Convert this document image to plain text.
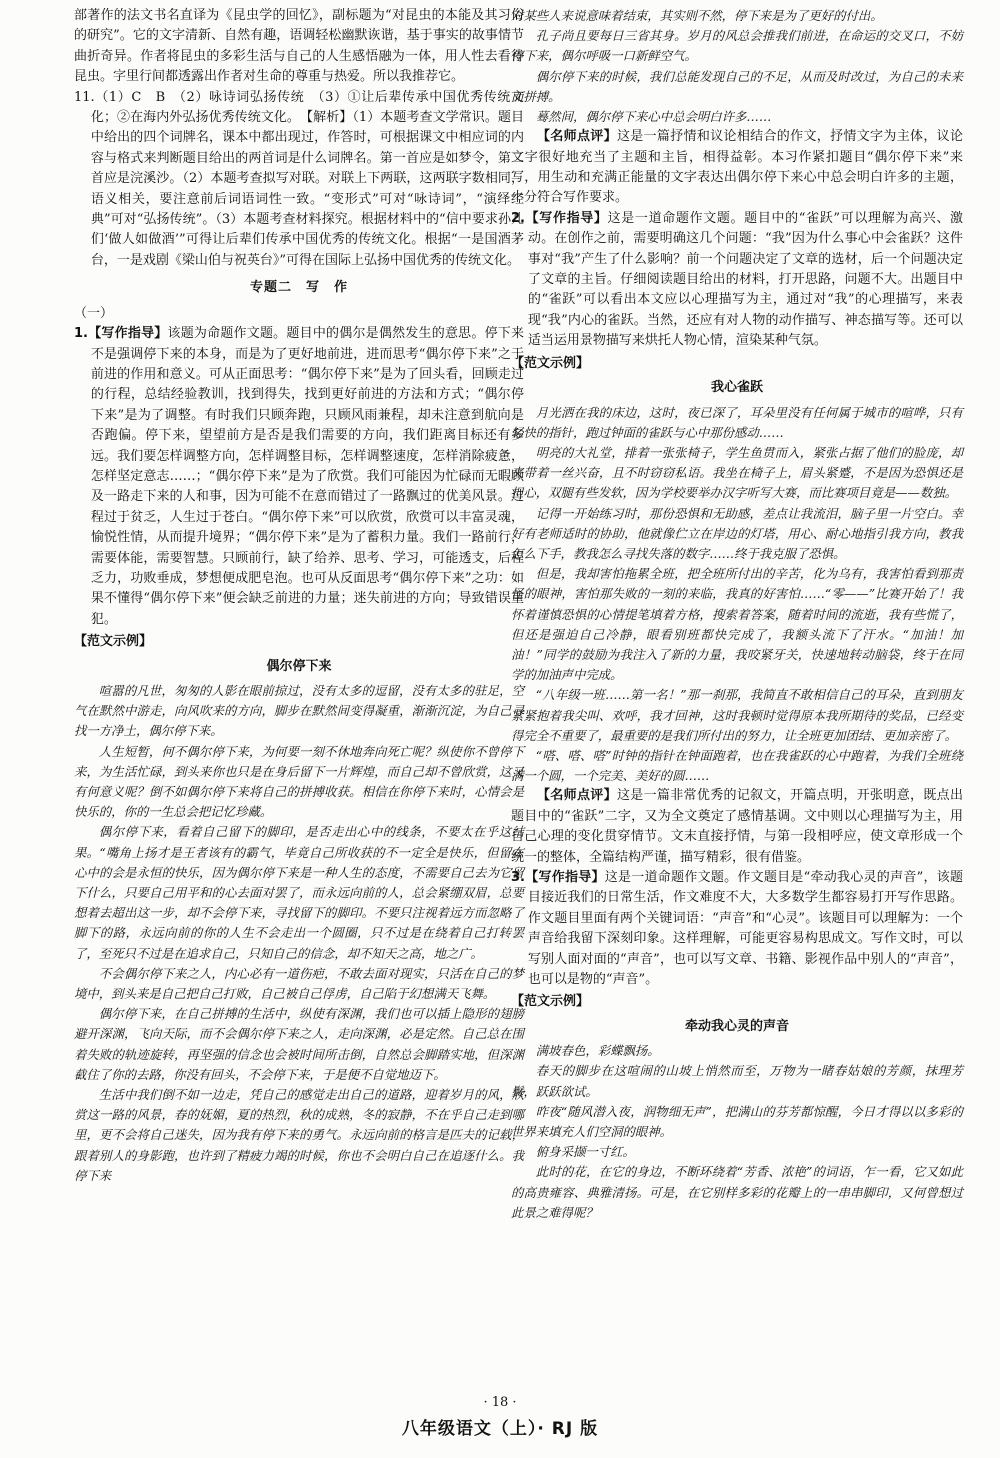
部著作的法文书名直译为《昆虫学的回忆》，副标题为“对昆虫的本能及其习俗的研究”。它的文字清新、自然有趣，语调轻松幽默诙谐，基于事实的故事情节曲折奇异。作者将昆虫的多彩生活与自己的人生感悟融为一体，用人性去看待昆虫。字里行间都透露出作者对生命的尊重与热爱。所以我推荐它。

11.（1）C　B　（2）咏诗词弘扬传统　（3）①让后辈传承中国优秀传统文化；②在海内外弘扬优秀传统文化。　【解析】（1）本题考查文学常识。题目中给出的四个词牌名，课本中都出现过，作答时，可根据课文中相应词的内容与格式来判断题目给出的两首词是什么词牌名。第一首应是如梦令，第二首应是浣溪沙。（2）本题考查拟写对联。对联上下两联，这两联字数相同，语义相关，要注意前后词语词性一致。“变形式”可对“咏诗词”，“演绎经典”可对“弘扬传统”。（3）本题考查材料探究。根据材料中的“信中要求孙儿们‘做人如做酒’”可得让后辈们传承中国优秀的传统文化。根据“一是国酒茅台，一是戏剧《梁山伯与祝英台》”可得在国际上弘扬中国优秀的传统文化。

专题二　写　作

（一）

1.【写作指导】该题为命题作文题。题目中的偶尔是偶然发生的意思。停下来不是强调停下来的本身，而是为了更好地前进，进而思考“偶尔停下来”之于前进的作用和意义。可从正面思考：“偶尔停下来”是为了回头看，回顾走过的行程，总结经验教训，找到得失，找到更好前进的方法和方式；“偶尔停下来”是为了调整。有时我们只顾奔跑，只顾风雨兼程，却未注意到航向是否跑偏。停下来，望望前方是否是我们需要的方向，我们距离目标还有多远。我们要怎样调整方向，怎样调整目标，怎样调整速度，怎样消除疲惫，怎样坚定意志……；“偶尔停下来”是为了欣赏。我们可能因为忙碌而无暇顾及一路走下来的人和事，因为可能不在意而错过了一路飘过的优美风景。过程过于贫乏，人生过于苍白。“偶尔停下来”可以欣赏，欣赏可以丰富灵魂，愉悦性情，从而提升境界；“偶尔停下来”是为了蓄积力量。我们一路前行，需要体能，需要智慧。只顾前行，缺了给养、思考、学习，可能透支，后程乏力，功败垂成，梦想便成肥皂泡。也可从反面思考“偶尔停下来”之功：如果不懂得“偶尔停下来”便会缺乏前进的力量；迷失前进的方向；导致错误重犯。

【范文示例】
偶尔停下来

喧嚣的凡世，匆匆的人影在眼前掠过，没有太多的逗留，没有太多的驻足，空气在默然中游走，向风吹来的方向，脚步在默然间变得凝重，渐渐沉淀，为自己寻找一方净土，偶尔停下来。

人生短暂，何不偶尔停下来，为何要一刻不休地奔向死亡呢？纵使你不曾停下来，为生活忙碌，到头来你也只是在身后留下一片辉煌，而自己却不曾欣赏，这又有何意义呢？倒不如偶尔停下来将自己的拼搏收获。相信在你停下来时，心情会是快乐的，你的一生总会把记忆珍藏。

偶尔停下来，看着自己留下的脚印，是否走出心中的线条，不要太在乎这结果。“嘴角上扬才是王者该有的霸气，毕竟自己所收获的不一定全是快乐，但留在心中的会是永恒的快乐，因为偶尔停下来是一种人生的态度，不需要自己去为它留下什么，只要自己用平和的心去面对罢了，而永远向前的人，总会紧绷双眉，总要想着去超出这一步，却不会停下来，寻找留下的脚印。不要只注视着远方而忽略了脚下的路，永远向前的你的人生不会走出一个圆圈，只不过是在绕着自己打转罢了，至死只不过是在追求自己，只知自己的信念，却不知天之高，地之广。

不会偶尔停下来之人，内心必有一道伤疤，不敢去面对现实，只活在自己的梦境中，到头来是自己把自己打败，自己被自己俘虏，自己陷于幻想满天飞舞。

偶尔停下来，在自己拼搏的生活中，纵使有深渊，我们也可以插上隐形的翅膀避开深渊，飞向天际，而不会偶尔停下来之人，走向深渊，必是定然。自己总在围着失败的轨迹旋转，再坚强的信念也会被时间所击倒，自然总会脚踏实地，但深渊截住了你的去路，你没有回头，不会停下来，于是便不自觉地迈下。

生活中我们倒不如一边走，凭自己的感觉走出自己的道路，迎着岁月的风，欣赏这一路的风景，春的妩媚，夏的热烈，秋的成熟，冬的寂静，不在乎自己走到哪里，更不会将自己迷失，因为我有停下来的勇气。永远向前的格言是匹夫的记载，跟着别人的身影跑，也许到了精疲力竭的时候，你也不会明白自己在追逐什么。我停下来

对某些人来说意味着结束，其实则不然，停下来是为了更好的付出。

孔子尚且要每日三省其身。岁月的风总会推我们前进，在命运的交叉口，不妨停下来，偶尔呼吸一口新鲜空气。

偶尔停下来的时候，我们总能发现自己的不足，从而及时改过，为自己的未来而拼搏。

蓦然间，偶尔停下来心中总会明白许多……

【名师点评】这是一篇抒情和议论相结合的作文，抒情文字为主体，议论文字很好地充当了主题和主旨，相得益彰。本习作紧扣题目“偶尔停下来”来写，用生动和充满正能量的文字表达出偶尔停下来心中总会明白许多的主题，十分符合写作要求。

2.【写作指导】这是一道命题作文题。题目中的“雀跃”可以理解为高兴、激动。在创作之前，需要明确这几个问题：“我”因为什么事心中会雀跃？这件事对“我”产生了什么影响？前一个问题决定了文章的选材，后一个问题决定了文章的主旨。仔细阅读题目给出的材料，打开思路，问题不大。出题目中的“雀跃”可以看出本文应以心理描写为主，通过对“我”的心理描写，来表现“我”内心的雀跃。当然，还应有对人物的动作描写、神态描写等。还可以适当运用景物描写来烘托人物心情，渲染某种气氛。

【范文示例】
我心雀跃

月光洒在我的床边，这时，夜已深了，耳朵里没有任何属于城市的喧哗，只有轻快的指针，跑过钟面的雀跃与心中那份感动……

明亮的大礼堂，排着一张张椅子，学生鱼贯而入，紧张占据了他们的脸庞，却夹带着一丝兴奋，且不时窃窃私语。我坐在椅子上，眉头紧蹙，不是因为恐惧还是担心，双腿有些发软，因为学校要举办汉字听写大赛，而比赛项目竟是——数独。

记得一开始练习时，那份恐惧和无助感，差点让我流泪，脑子里一片空白。幸好有老师适时的协助，他就像伫立在岸边的灯塔，用心、耐心地指引我方向，教我怎么下手，教我怎么寻找失落的数字……终于我克服了恐惧。

但是，我却害怕拖累全班，把全班所付出的辛苦，化为乌有，我害怕看到那责怪的眼神，害怕那失败的一刻的来临，我真的好害怕……“零——”比赛开始了！我怀着谨慎恐惧的心情提笔填着方格，搜索着答案，随着时间的流逝，我有些慌了，但还是强迫自己冷静，眼看别班都快完成了，我额头流下了汗水。“加油！加油！”同学的鼓励为我注入了新的力量，我咬紧牙关，快速地转动脑袋，终于在同学的加油声中完成。

“八年级一班……第一名！”那一刹那，我简直不敢相信自己的耳朵，直到朋友紧紧抱着我尖叫、欢呼，我才回神，这时我顿时觉得原本我所期待的奖品，已经变得完全不重要了，最重要的是我们所付出的努力，让全班更加团结、更加亲密了。

“嗒、嗒、嗒”时钟的指针在钟面跑着，也在我雀跃的心中跑着，为我们全班绕满一个圆，一个完美、美好的圆……

【名师点评】这是一篇非常优秀的记叙文，开篇点明，开张明意，既点出题目中的“雀跃”二字，又为全文奠定了感情基调。文中则以心理描写为主，用自己心理的变化贯穿情节。文末直接抒情，与第一段相呼应，使文章形成一个统一的整体，全篇结构严谨，描写精彩，很有借鉴。

3.【写作指导】这是一道命题作文题。作文题目是“牵动我心灵的声音”，该题目接近我们的日常生活，作文难度不大，大多数学生都容易打开写作思路。作文题目里面有两个关键词语：“声音”和“心灵”。该题目可以理解为：一个声音给我留下深刻印象。这样理解，可能更容易构思成文。写作文时，可以写别人面对面的“声音”，也可以写文章、书籍、影视作品中别人的“声音”，也可以是物的“声音”。

【范文示例】
牵动我心灵的声音

满坡春色，彩蝶飘扬。

春天的脚步在这喧闹的山坡上悄然而至，万物为一睹春姑娘的芳颜，抹理芳鬓，跃跃欲试。

昨夜“随风潜入夜，润物细无声”，把满山的芬芳都惊醒，今日才得以以多彩的世界来填充人们空洞的眼神。

俯身采撷一寸红。

此时的花，在它的身边，不断环绕着“芳香、浓艳”的词语，乍一看，它又如此的高贵雍容、典雅清扬。可是，在它别样多彩的花瓣上的一串串脚印，又何曾想过此景之难得呢？

· 18 ·
八年级语文（上）· RJ 版
